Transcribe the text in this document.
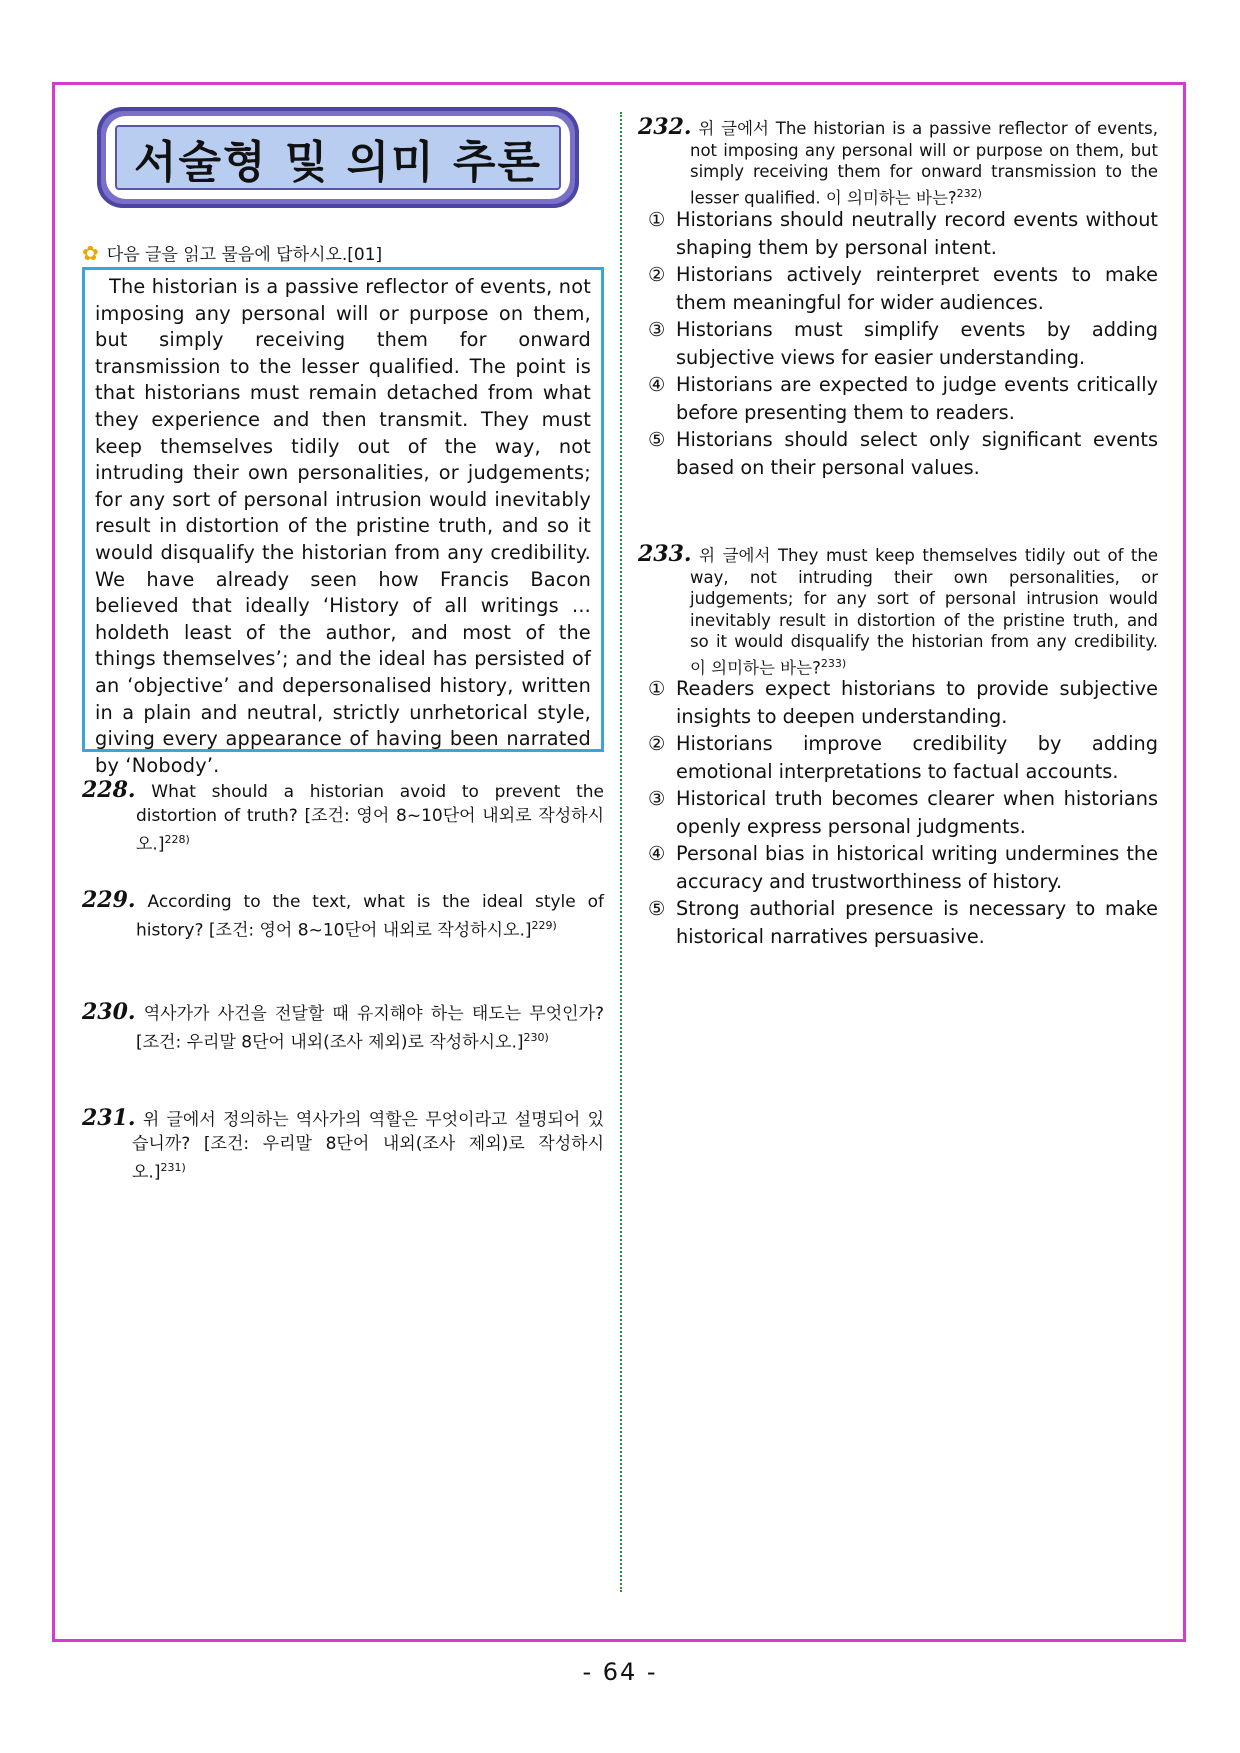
서술형 및 의미 추론
✿ 다음 글을 읽고 물음에 답하시오.[01]

The historian is a passive reflector of events, not imposing any personal will or purpose on them, but simply receiving them for onward transmission to the lesser qualified. The point is that historians must remain detached from what they experience and then transmit. They must keep themselves tidily out of the way, not intruding their own personalities, or judgements; for any sort of personal intrusion would inevitably result in distortion of the pristine truth, and so it would disqualify the historian from any credibility. We have already seen how Francis Bacon believed that ideally ‘History of all writings ... holdeth least of the author, and most of the things themselves’; and the ideal has persisted of an ‘objective’ and depersonalised history, written in a plain and neutral, strictly unrhetorical style, giving every appearance of having been narrated by ‘Nobody’.

228. What should a historian avoid to prevent the distortion of truth? [조건: 영어 8~10단어 내외로 작성하시오.]$^{228)}$
229. According to the text, what is the ideal style of history? [조건: 영어 8~10단어 내외로 작성하시오.]$^{229)}$
230. 역사가가 사건을 전달할 때 유지해야 하는 태도는 무엇인가? [조건: 우리말 8단어 내외(조사 제외)로 작성하시오.]$^{230)}$
231. 위 글에서 정의하는 역사가의 역할은 무엇이라고 설명되어 있습니까? [조건: 우리말 8단어 내외(조사 제외)로 작성하시오.]$^{231)}$
232. 위 글에서 The historian is a passive reflector of events, not imposing any personal will or purpose on them, but simply receiving them for onward transmission to the lesser qualified. 이 의미하는 바는?$^{232)}$
① Historians should neutrally record events without shaping them by personal intent.
② Historians actively reinterpret events to make them meaningful for wider audiences.
③ Historians must simplify events by adding subjective views for easier understanding.
④ Historians are expected to judge events critically before presenting them to readers.
⑤ Historians should select only significant events based on their personal values.
233. 위 글에서 They must keep themselves tidily out of the way, not intruding their own personalities, or judgements; for any sort of personal intrusion would inevitably result in distortion of the pristine truth, and so it would disqualify the historian from any credibility. 이 의미하는 바는?$^{233)}$
① Readers expect historians to provide subjective insights to deepen understanding.
② Historians improve credibility by adding emotional interpretations to factual accounts.
③ Historical truth becomes clearer when historians openly express personal judgments.
④ Personal bias in historical writing undermines the accuracy and trustworthiness of history.
⑤ Strong authorial presence is necessary to make historical narratives persuasive.
- 64 -
